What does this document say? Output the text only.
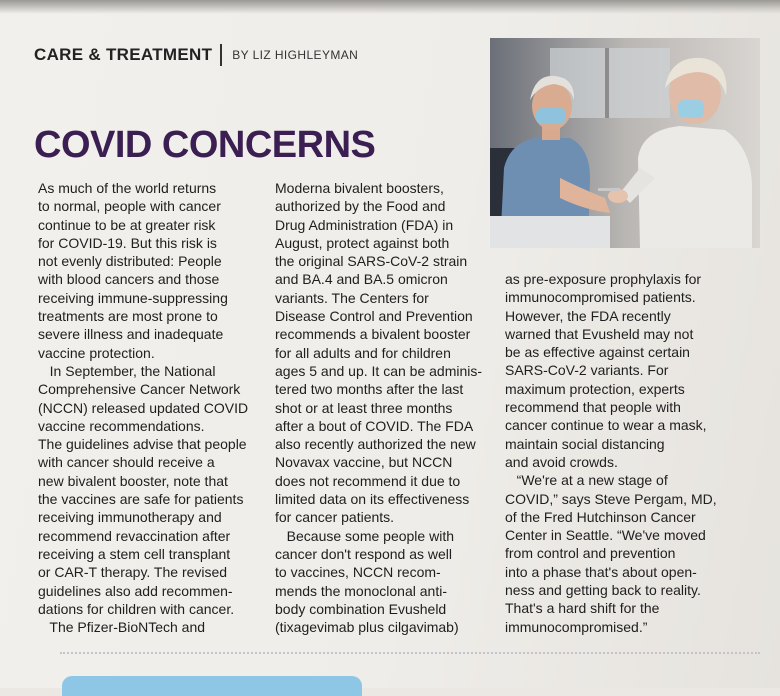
CARE & TREATMENT BY LIZ HIGHLEYMAN
COVID CONCERNS
As much of the world returns
to normal, people with cancer
continue to be at greater risk
for COVID-19. But this risk is
not evenly distributed: People
with blood cancers and those
receiving immune-suppressing
treatments are most prone to
severe illness and inadequate
vaccine protection.
In September, the National
Comprehensive Cancer Network
(NCCN) released updated COVID
vaccine recommendations.
The guidelines advise that people
with cancer should receive a
new bivalent booster, note that
the vaccines are safe for patients
receiving immunotherapy and
recommend revaccination after
receiving a stem cell transplant
or CAR-T therapy. The revised
guidelines also add recommen-
dations for children with cancer.
The Pfizer-BioNTech and
Moderna bivalent boosters,
authorized by the Food and
Drug Administration (FDA) in
August, protect against both
the original SARS-CoV-2 strain
and BA.4 and BA.5 omicron
variants. The Centers for
Disease Control and Prevention
recommends a bivalent booster
for all adults and for children
ages 5 and up. It can be adminis-
tered two months after the last
shot or at least three months
after a bout of COVID. The FDA
also recently authorized the new
Novavax vaccine, but NCCN
does not recommend it due to
limited data on its effectiveness
for cancer patients.
Because some people with
cancer don't respond as well
to vaccines, NCCN recom-
mends the monoclonal anti-
body combination Evusheld
(tixagevimab plus cilgavimab)
as pre-exposure prophylaxis for
immunocompromised patients.
However, the FDA recently
warned that Evusheld may not
be as effective against certain
SARS-CoV-2 variants. For
maximum protection, experts
recommend that people with
cancer continue to wear a mask,
maintain social distancing
and avoid crowds.
“We're at a new stage of
COVID,” says Steve Pergam, MD,
of the Fred Hutchinson Cancer
Center in Seattle. “We've moved
from control and prevention
into a phase that's about open-
ness and getting back to reality.
That's a hard shift for the
immunocompromised.”
